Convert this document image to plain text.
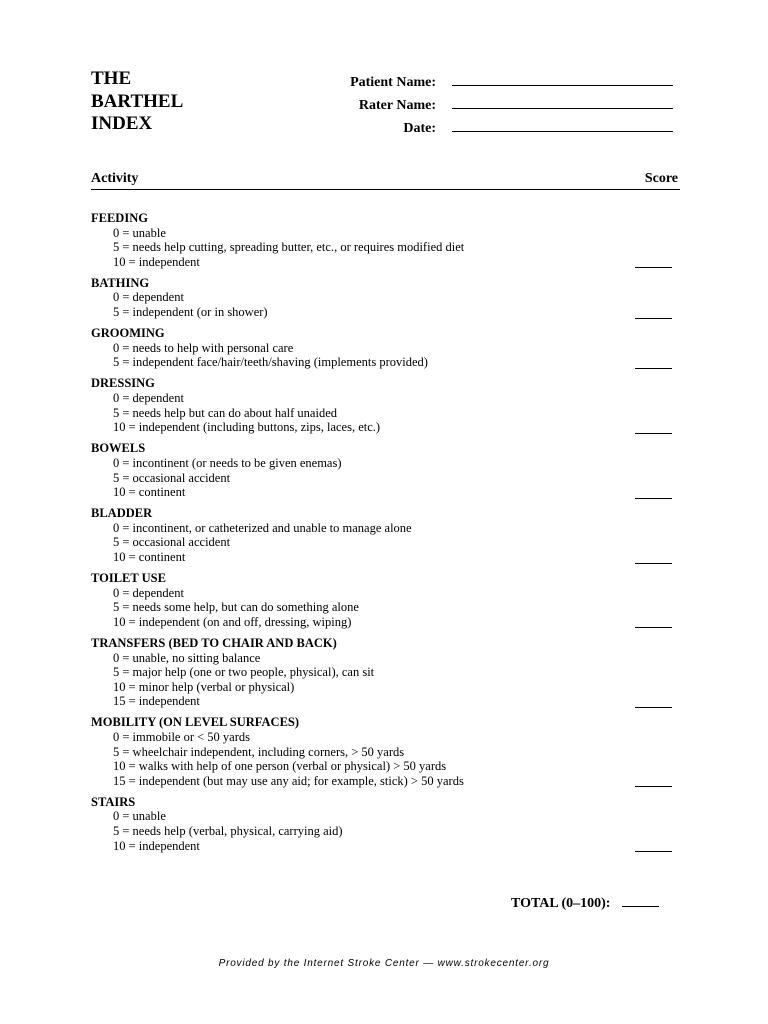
THE
BARTHEL
INDEX
Patient Name:
Rater Name:
Date:
Activity	Score
FEEDING
0 = unable
5 = needs help cutting, spreading butter, etc., or requires modified diet
10 = independent
BATHING
0 = dependent
5 = independent (or in shower)
GROOMING
0 = needs to help with personal care
5 = independent face/hair/teeth/shaving (implements provided)
DRESSING
0 = dependent
5 = needs help but can do about half unaided
10 = independent (including buttons, zips, laces, etc.)
BOWELS
0 = incontinent (or needs to be given enemas)
5 = occasional accident
10 = continent
BLADDER
0 = incontinent, or catheterized and unable to manage alone
5 = occasional accident
10 = continent
TOILET USE
0 = dependent
5 = needs some help, but can do something alone
10 = independent (on and off, dressing, wiping)
TRANSFERS (BED TO CHAIR AND BACK)
0 = unable, no sitting balance
5 = major help (one or two people, physical), can sit
10 = minor help (verbal or physical)
15 = independent
MOBILITY (ON LEVEL SURFACES)
0 = immobile or < 50 yards
5 = wheelchair independent, including corners, > 50 yards
10 = walks with help of one person (verbal or physical) > 50 yards
15 = independent (but may use any aid; for example, stick) > 50 yards
STAIRS
0 = unable
5 = needs help (verbal, physical, carrying aid)
10 = independent
TOTAL (0–100):
Provided by the Internet Stroke Center — www.strokecenter.org
